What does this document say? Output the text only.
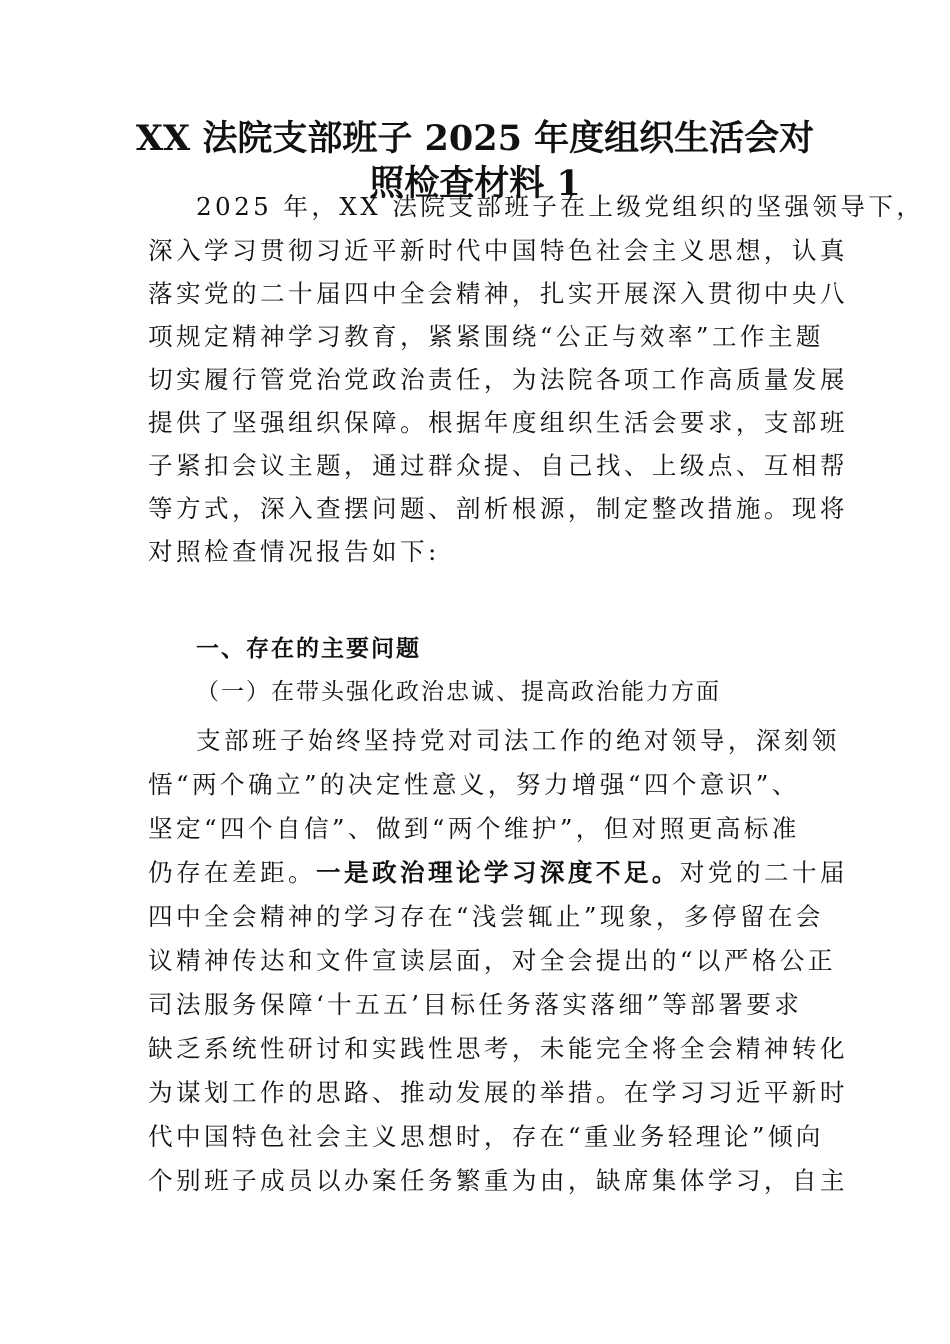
XX 法院支部班子 2025 年度组织生活会对
照检查材料 1
2025 年，XX 法院支部班子在上级党组织的坚强领导下，
深入学习贯彻习近平新时代中国特色社会主义思想，认真
落实党的二十届四中全会精神，扎实开展深入贯彻中央八
项规定精神学习教育，紧紧围绕“公正与效率”工作主题
切实履行管党治党政治责任，为法院各项工作高质量发展
提供了坚强组织保障。根据年度组织生活会要求，支部班
子紧扣会议主题，通过群众提、自己找、上级点、互相帮
等方式，深入查摆问题、剖析根源，制定整改措施。现将
对照检查情况报告如下:
一、存在的主要问题
（一）在带头强化政治忠诚、提高政治能力方面
支部班子始终坚持党对司法工作的绝对领导，深刻领
悟“两个确立”的决定性意义，努力增强“四个意识”、
坚定“四个自信”、做到“两个维护”，但对照更高标准
仍存在差距。一是政治理论学习深度不足。对党的二十届
四中全会精神的学习存在“浅尝辄止”现象，多停留在会
议精神传达和文件宣读层面，对全会提出的“以严格公正
司法服务保障‘十五五’目标任务落实落细”等部署要求
缺乏系统性研讨和实践性思考，未能完全将全会精神转化
为谋划工作的思路、推动发展的举措。在学习习近平新时
代中国特色社会主义思想时，存在“重业务轻理论”倾向
个别班子成员以办案任务繁重为由，缺席集体学习，自主
